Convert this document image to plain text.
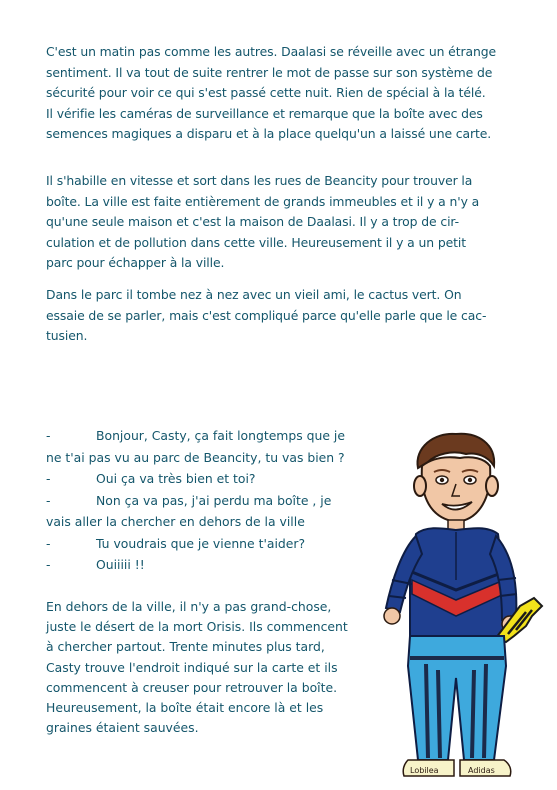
C'est un matin pas comme les autres. Daalasi se réveille avec un étrange
sentiment. Il va tout de suite rentrer le mot de passe sur son système de
sécurité pour voir ce qui s'est passé cette nuit. Rien de spécial à la télé.
Il vérifie les caméras de surveillance et remarque que la boîte avec des
semences magiques a disparu et à la place quelqu'un a laissé une carte.
Il s'habille en vitesse et sort dans les rues de Beancity pour trouver la
boîte. La ville est faite entièrement de grands immeubles et il y a n'y a
qu'une seule maison et c'est la maison de Daalasi. Il y a trop de cir-
culation et de pollution dans cette ville. Heureusement il y a un petit
parc pour échapper à la ville.
Dans le parc il tombe nez à nez avec un vieil ami, le cactus vert. On
essaie de se parler, mais c'est compliqué parce qu'elle parle que le cac-
tusien.
-	Bonjour, Casty, ça fait longtemps que je
ne t'ai pas vu au parc de Beancity, tu vas bien ?
-	Oui ça va très bien et toi?
-	Non ça va pas, j'ai perdu ma boîte , je
vais aller la chercher en dehors de la ville
-	Tu voudrais que je vienne t'aider?
-	Ouiiiii !!
En dehors de la ville, il n'y a pas grand-chose,
juste le désert de la mort Orisis. Ils commencent
à chercher partout. Trente minutes plus tard,
Casty trouve l'endroit indiqué sur la carte et ils
commencent à creuser pour retrouver la boîte.
Heureusement, la boîte était encore là et les
graines étaient sauvées.
Lobilea	Adidas
